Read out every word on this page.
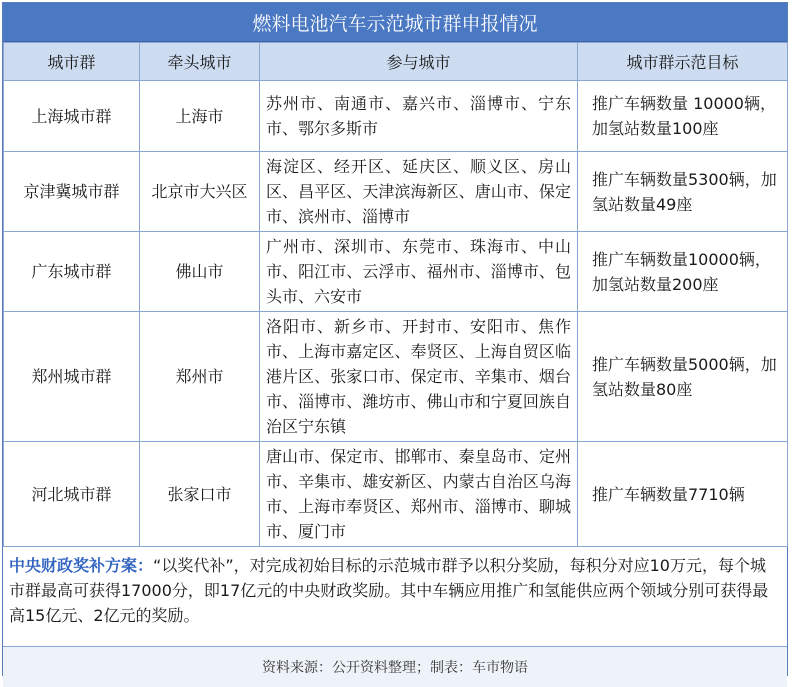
燃料电池汽车示范城市群申报情况
城市群	牵头城市	参与城市	城市群示范目标
上海城市群	上海市	苏州市、南通市、嘉兴市、淄博市、宁东市、鄂尔多斯市	推广车辆数量 10000辆，加氢站数量100座
京津冀城市群	北京市大兴区	海淀区、经开区、延庆区、顺义区、房山区、昌平区、天津滨海新区、唐山市、保定市、滨州市、淄博市	推广车辆数量5300辆，加氢站数量49座
广东城市群	佛山市	广州市、深圳市、东莞市、珠海市、中山市、阳江市、云浮市、福州市、淄博市、包头市、六安市	推广车辆数量10000辆，加氢站数量200座
郑州城市群	郑州市	洛阳市、新乡市、开封市、安阳市、焦作市、上海市嘉定区、奉贤区、上海自贸区临港片区、张家口市、保定市、辛集市、烟台市、淄博市、潍坊市、佛山市和宁夏回族自治区宁东镇	推广车辆数量5000辆，加氢站数量80座
河北城市群	张家口市	唐山市、保定市、邯郸市、秦皇岛市、定州市、辛集市、雄安新区、内蒙古自治区乌海市、上海市奉贤区、郑州市、淄博市、聊城市、厦门市	推广车辆数量7710辆
中央财政奖补方案：“以奖代补”，对完成初始目标的示范城市群予以积分奖励，每积分对应10万元，每个城市群最高可获得17000分，即17亿元的中央财政奖励。其中车辆应用推广和氢能供应两个领域分别可获得最高15亿元、2亿元的奖励。
资料来源：公开资料整理；制表：车市物语
